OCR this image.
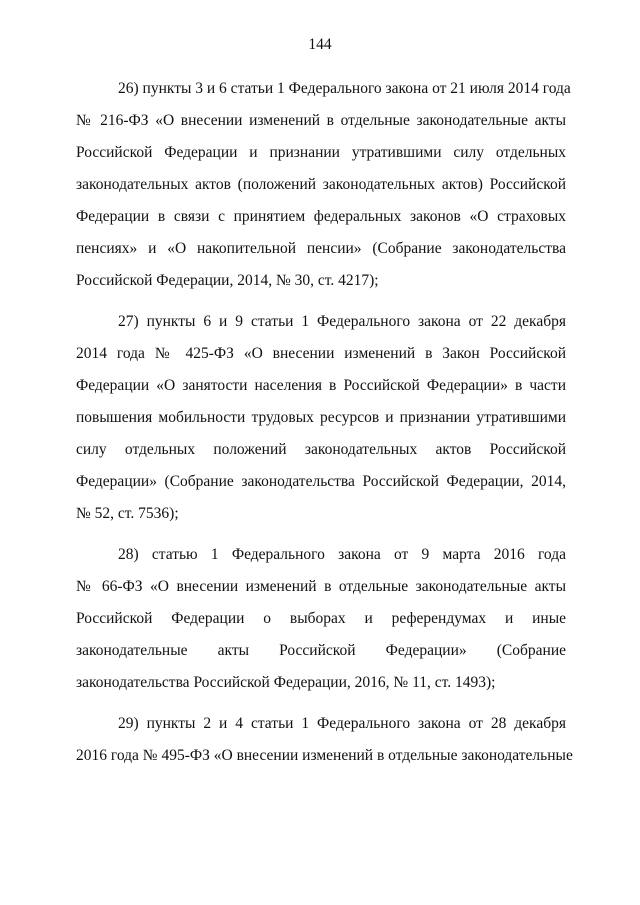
144
26) пункты 3 и 6 статьи 1 Федерального закона от 21 июля 2014 года
№ 216-ФЗ «О внесении изменений в отдельные законодательные акты
Российской Федерации и признании утратившими силу отдельных
законодательных актов (положений законодательных актов) Российской
Федерации в связи с принятием федеральных законов «О страховых
пенсиях» и «О накопительной пенсии» (Собрание законодательства
Российской Федерации, 2014, № 30, ст. 4217);
27) пункты 6 и 9 статьи 1 Федерального закона от 22 декабря
2014 года № 425-ФЗ «О внесении изменений в Закон Российской
Федерации «О занятости населения в Российской Федерации» в части
повышения мобильности трудовых ресурсов и признании утратившими
силу отдельных положений законодательных актов Российской
Федерации» (Собрание законодательства Российской Федерации, 2014,
№ 52, ст. 7536);
28) статью 1 Федерального закона от 9 марта 2016 года
№ 66-ФЗ «О внесении изменений в отдельные законодательные акты
Российской Федерации о выборах и референдумах и иные
законодательные акты Российской Федерации» (Собрание
законодательства Российской Федерации, 2016, № 11, ст. 1493);
29) пункты 2 и 4 статьи 1 Федерального закона от 28 декабря
2016 года № 495-ФЗ «О внесении изменений в отдельные законодательные
